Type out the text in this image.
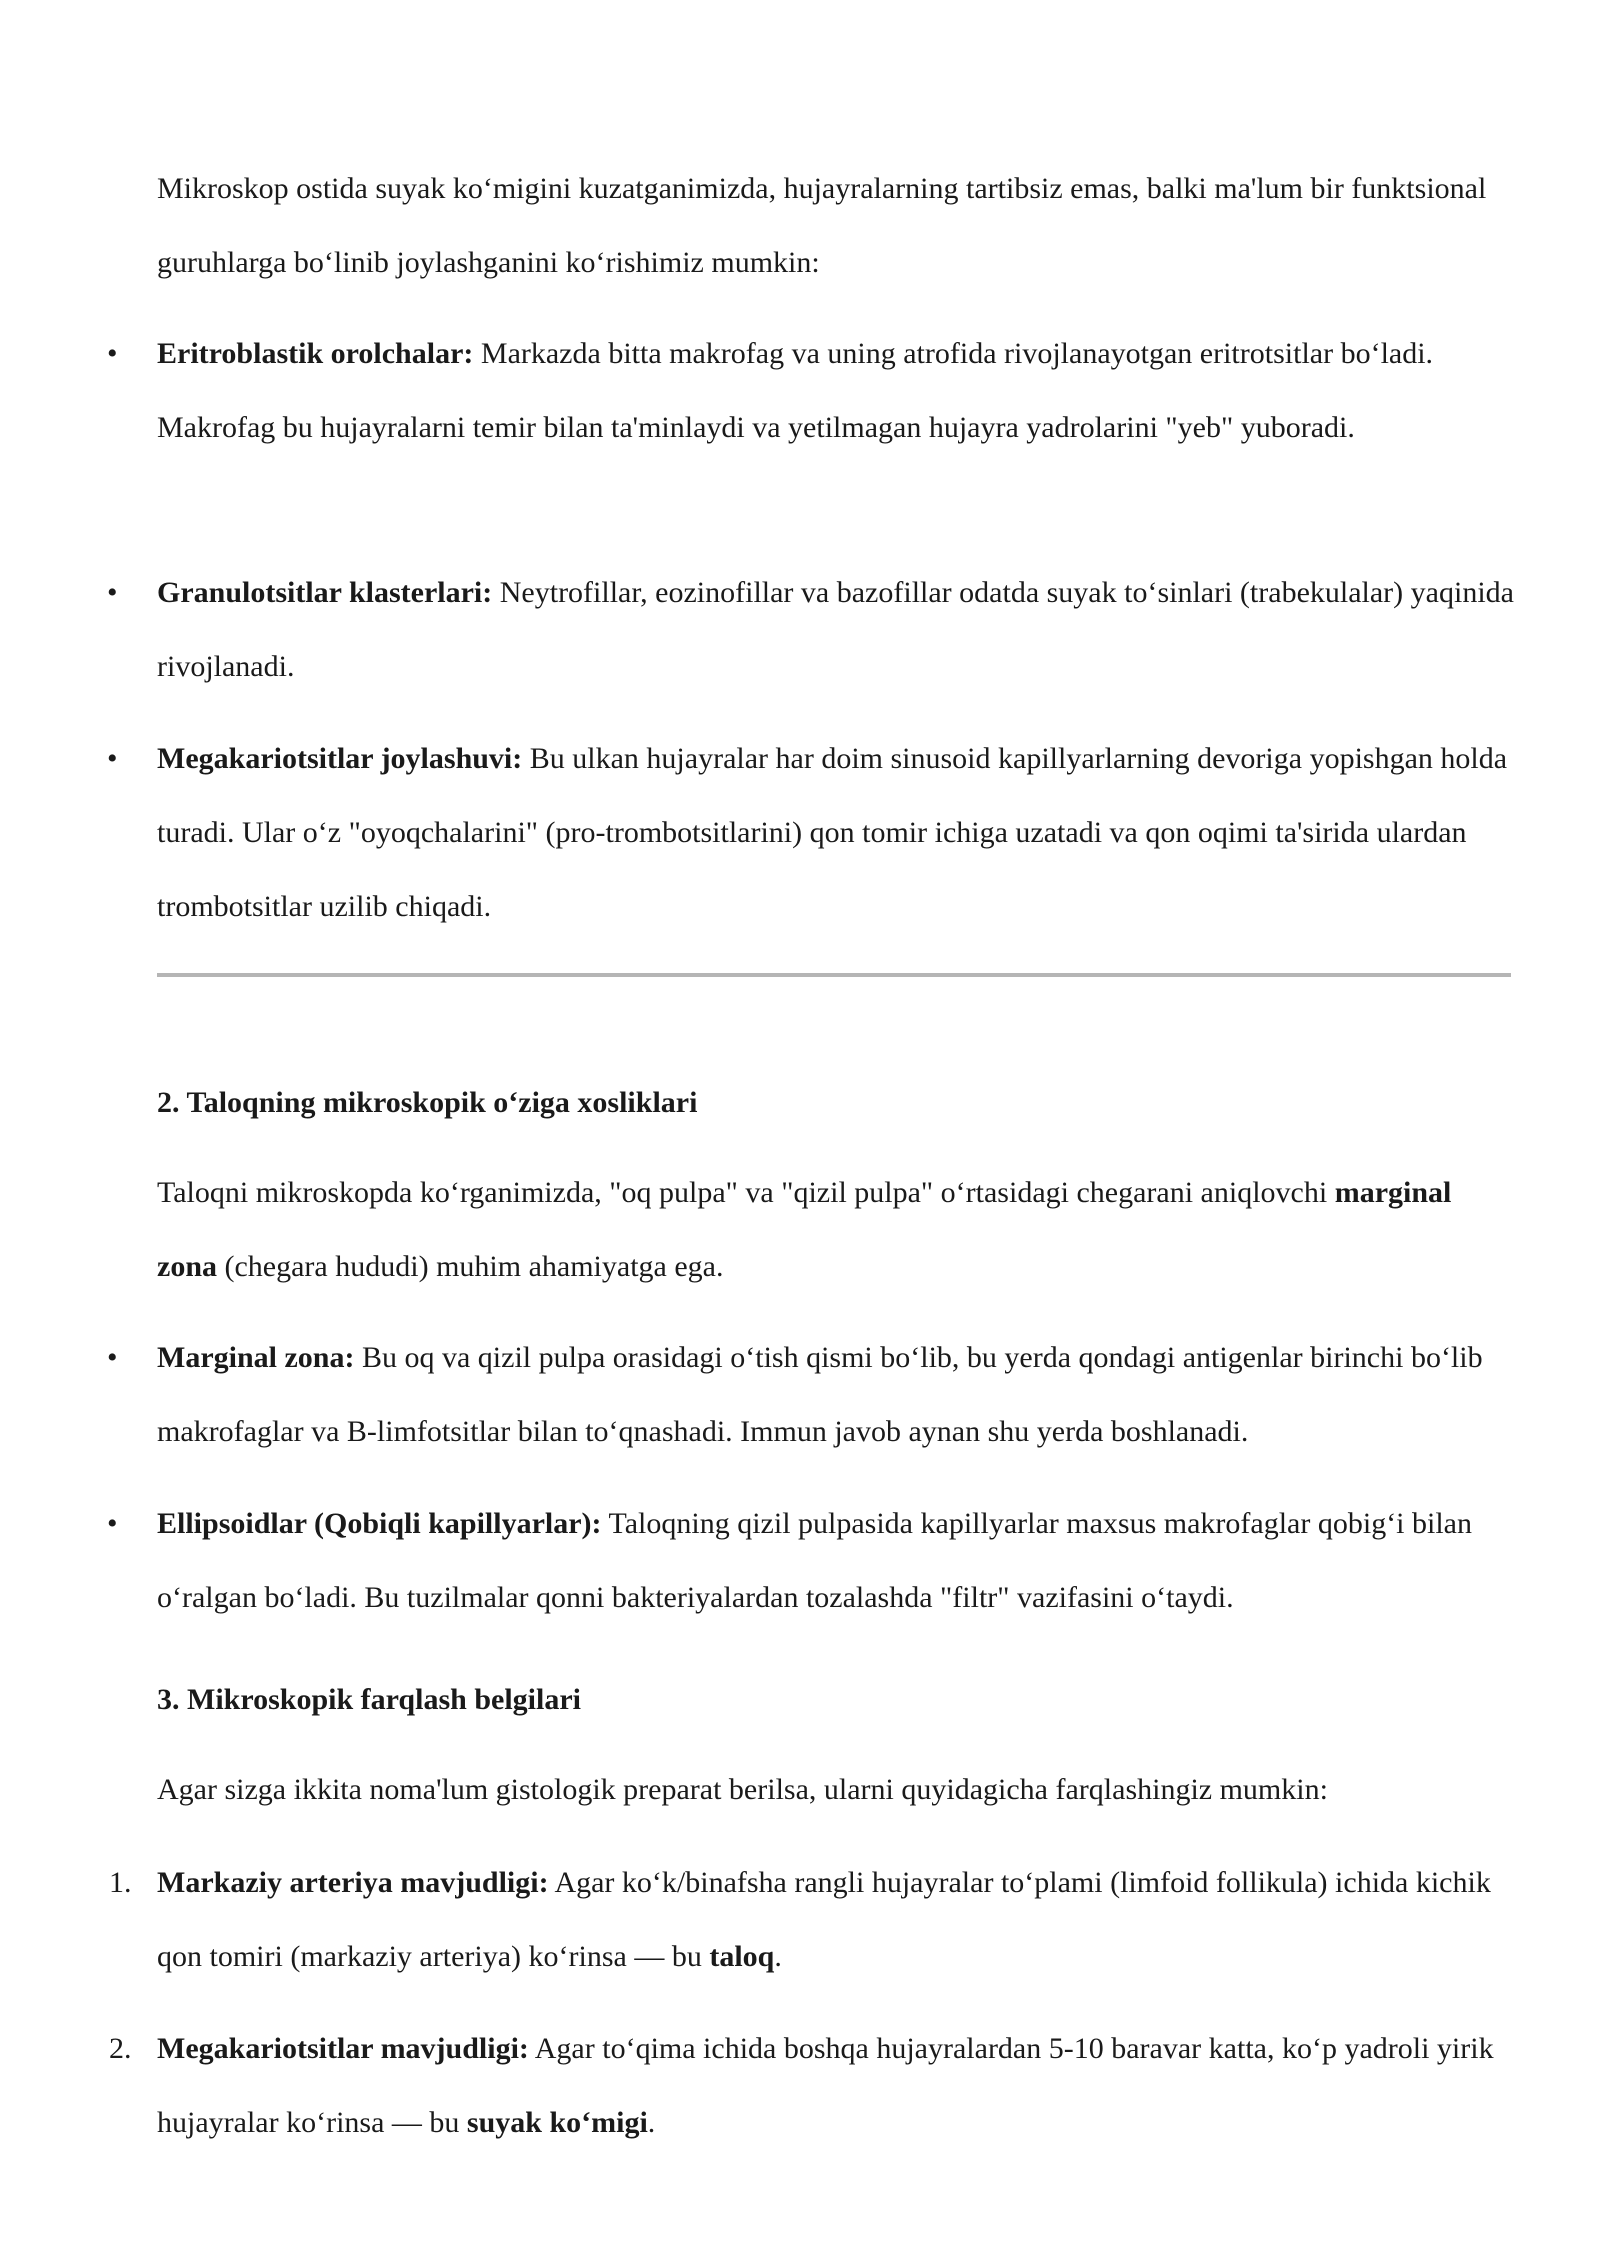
Mikroskop ostida suyak koʻmigini kuzatganimizda, hujayralarning tartibsiz emas, balki ma'lum bir funktsional guruhlarga boʻlinib joylashganini koʻrishimiz mumkin:

•	Eritroblastik orolchalar: Markazda bitta makrofag va uning atrofida rivojlanayotgan eritrotsitlar boʻladi. Makrofag bu hujayralarni temir bilan ta'minlaydi va yetilmagan hujayra yadrolarini "yeb" yuboradi.
•	Granulotsitlar klasterlari: Neytrofillar, eozinofillar va bazofillar odatda suyak toʻsinlari (trabekulalar) yaqinida rivojlanadi.
•	Megakariotsitlar joylashuvi: Bu ulkan hujayralar har doim sinusoid kapillyarlarning devoriga yopishgan holda turadi. Ular oʻz "oyoqchalarini" (pro-trombotsitlarini) qon tomir ichiga uzatadi va qon oqimi ta'sirida ulardan trombotsitlar uzilib chiqadi.
2. Taloqning mikroskopik oʻziga xosliklari

Taloqni mikroskopda koʻrganimizda, "oq pulpa" va "qizil pulpa" oʻrtasidagi chegarani aniqlovchi marginal zona (chegara hududi) muhim ahamiyatga ega.

•	Marginal zona: Bu oq va qizil pulpa orasidagi oʻtish qismi boʻlib, bu yerda qondagi antigenlar birinchi boʻlib makrofaglar va B-limfotsitlar bilan toʻqnashadi. Immun javob aynan shu yerda boshlanadi.
•	Ellipsoidlar (Qobiqli kapillyarlar): Taloqning qizil pulpasida kapillyarlar maxsus makrofaglar qobigʻi bilan oʻralgan boʻladi. Bu tuzilmalar qonni bakteriyalardan tozalashda "filtr" vazifasini oʻtaydi.
3. Mikroskopik farqlash belgilari

Agar sizga ikkita noma'lum gistologik preparat berilsa, ularni quyidagicha farqlashingiz mumkin:

1. Markaziy arteriya mavjudligi: Agar koʻk/binafsha rangli hujayralar toʻplami (limfoid follikula) ichida kichik qon tomiri (markaziy arteriya) koʻrinsa — bu taloq.
2. Megakariotsitlar mavjudligi: Agar toʻqima ichida boshqa hujayralardan 5-10 baravar katta, koʻp yadroli yirik hujayralar koʻrinsa — bu suyak koʻmigi.
